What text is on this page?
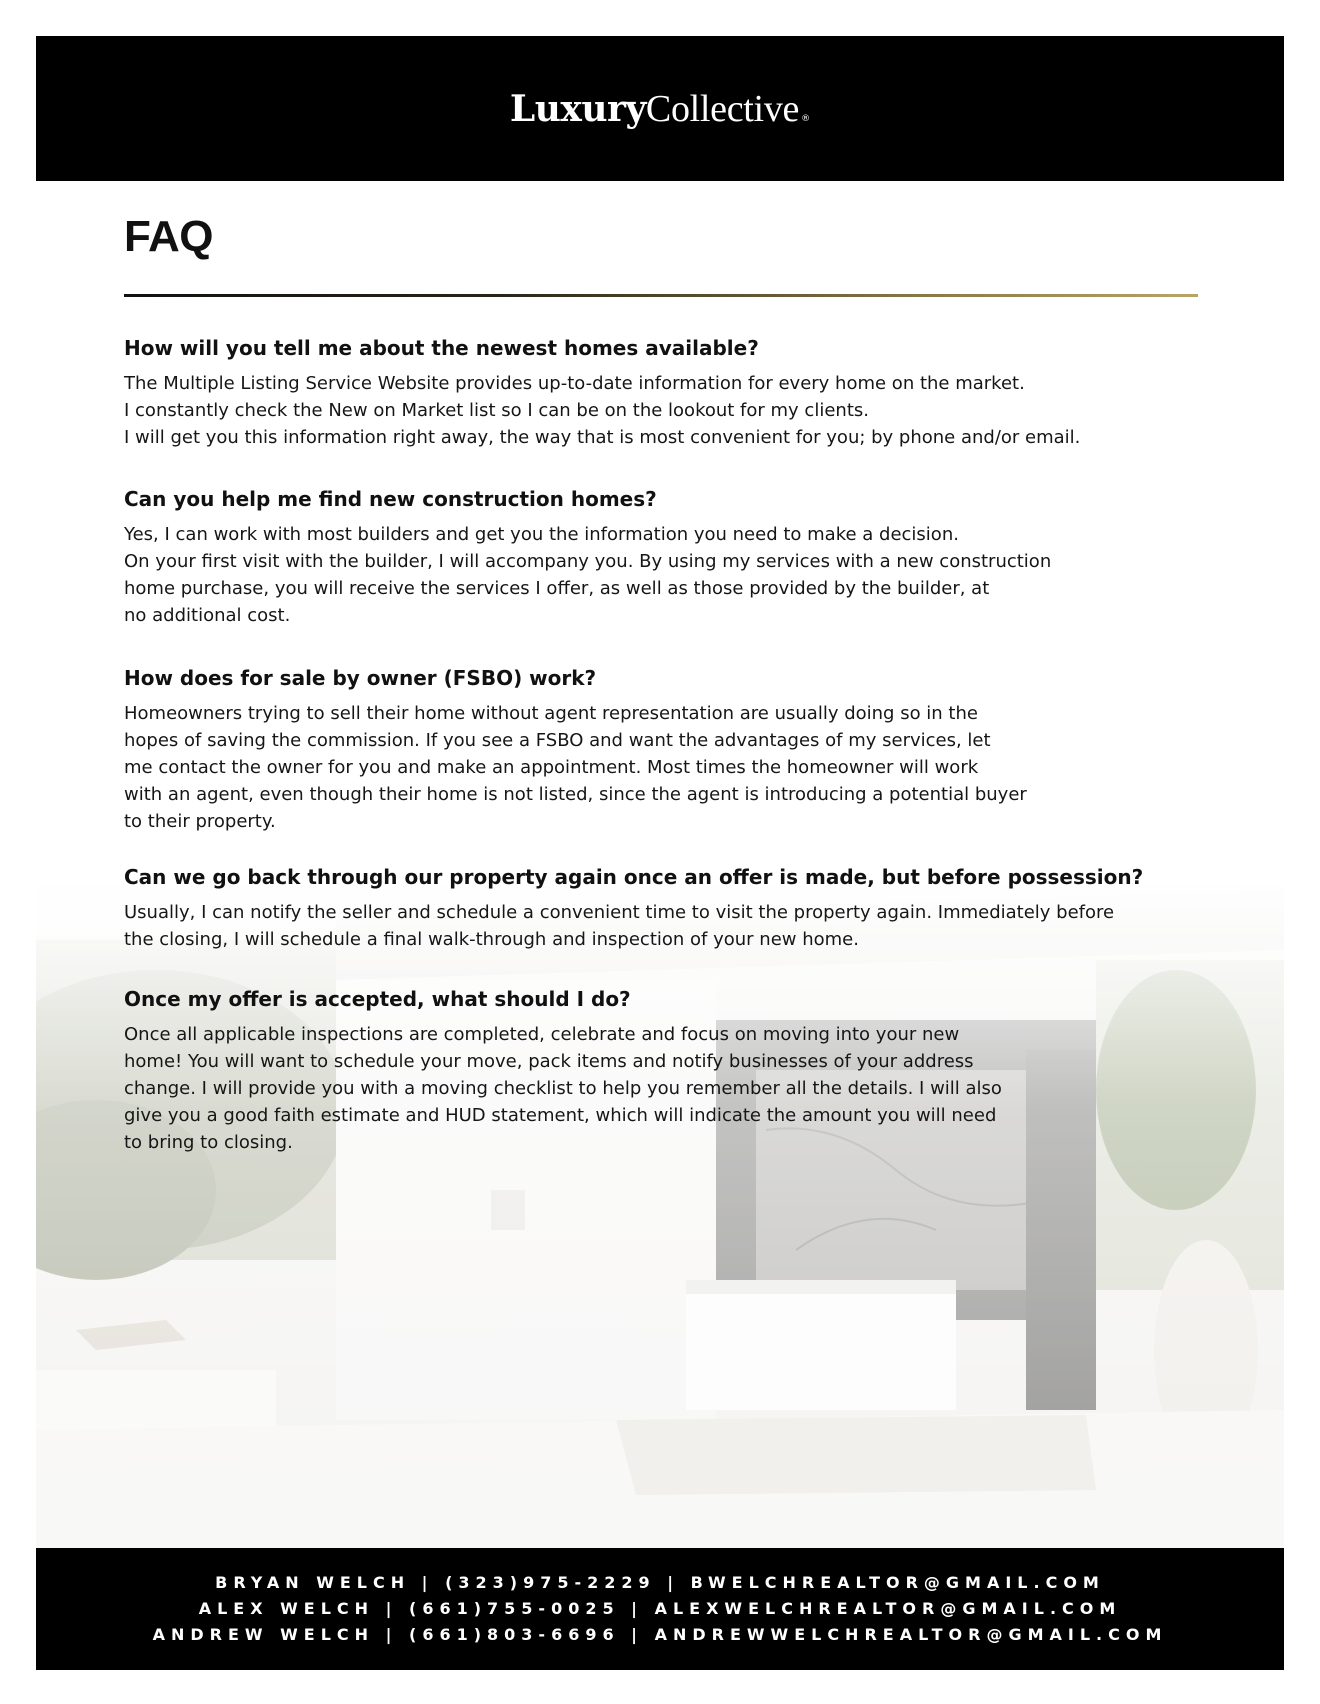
Luxury Collective ®
FAQ
How will you tell me about the newest homes available?
The Multiple Listing Service Website provides up-to-date information for every home on the market.
I constantly check the New on Market list so I can be on the lookout for my clients.
I will get you this information right away, the way that is most convenient for you; by phone and/or email.
Can you help me find new construction homes?
Yes, I can work with most builders and get you the information you need to make a decision.
On your first visit with the builder, I will accompany you. By using my services with a new construction
home purchase, you will receive the services I offer, as well as those provided by the builder, at
no additional cost.
How does for sale by owner (FSBO) work?
Homeowners trying to sell their home without agent representation are usually doing so in the
hopes of saving the commission. If you see a FSBO and want the advantages of my services, let
me contact the owner for you and make an appointment. Most times the homeowner will work
with an agent, even though their home is not listed, since the agent is introducing a potential buyer
to their property.
Can we go back through our property again once an offer is made, but before possession?
Usually, I can notify the seller and schedule a convenient time to visit the property again. Immediately before
the closing, I will schedule a final walk-through and inspection of your new home.
Once my offer is accepted, what should I do?
Once all applicable inspections are completed, celebrate and focus on moving into your new
home! You will want to schedule your move, pack items and notify businesses of your address
change. I will provide you with a moving checklist to help you remember all the details. I will also
give you a good faith estimate and HUD statement, which will indicate the amount you will need
to bring to closing.
BRYAN WELCH | (323)975-2229 | BWELCHREALTOR@GMAIL.COM
ALEX WELCH | (661)755-0025 | ALEXWELCHREALTOR@GMAIL.COM
ANDREW WELCH | (661)803-6696 | ANDREWWELCHREALTOR@GMAIL.COM
